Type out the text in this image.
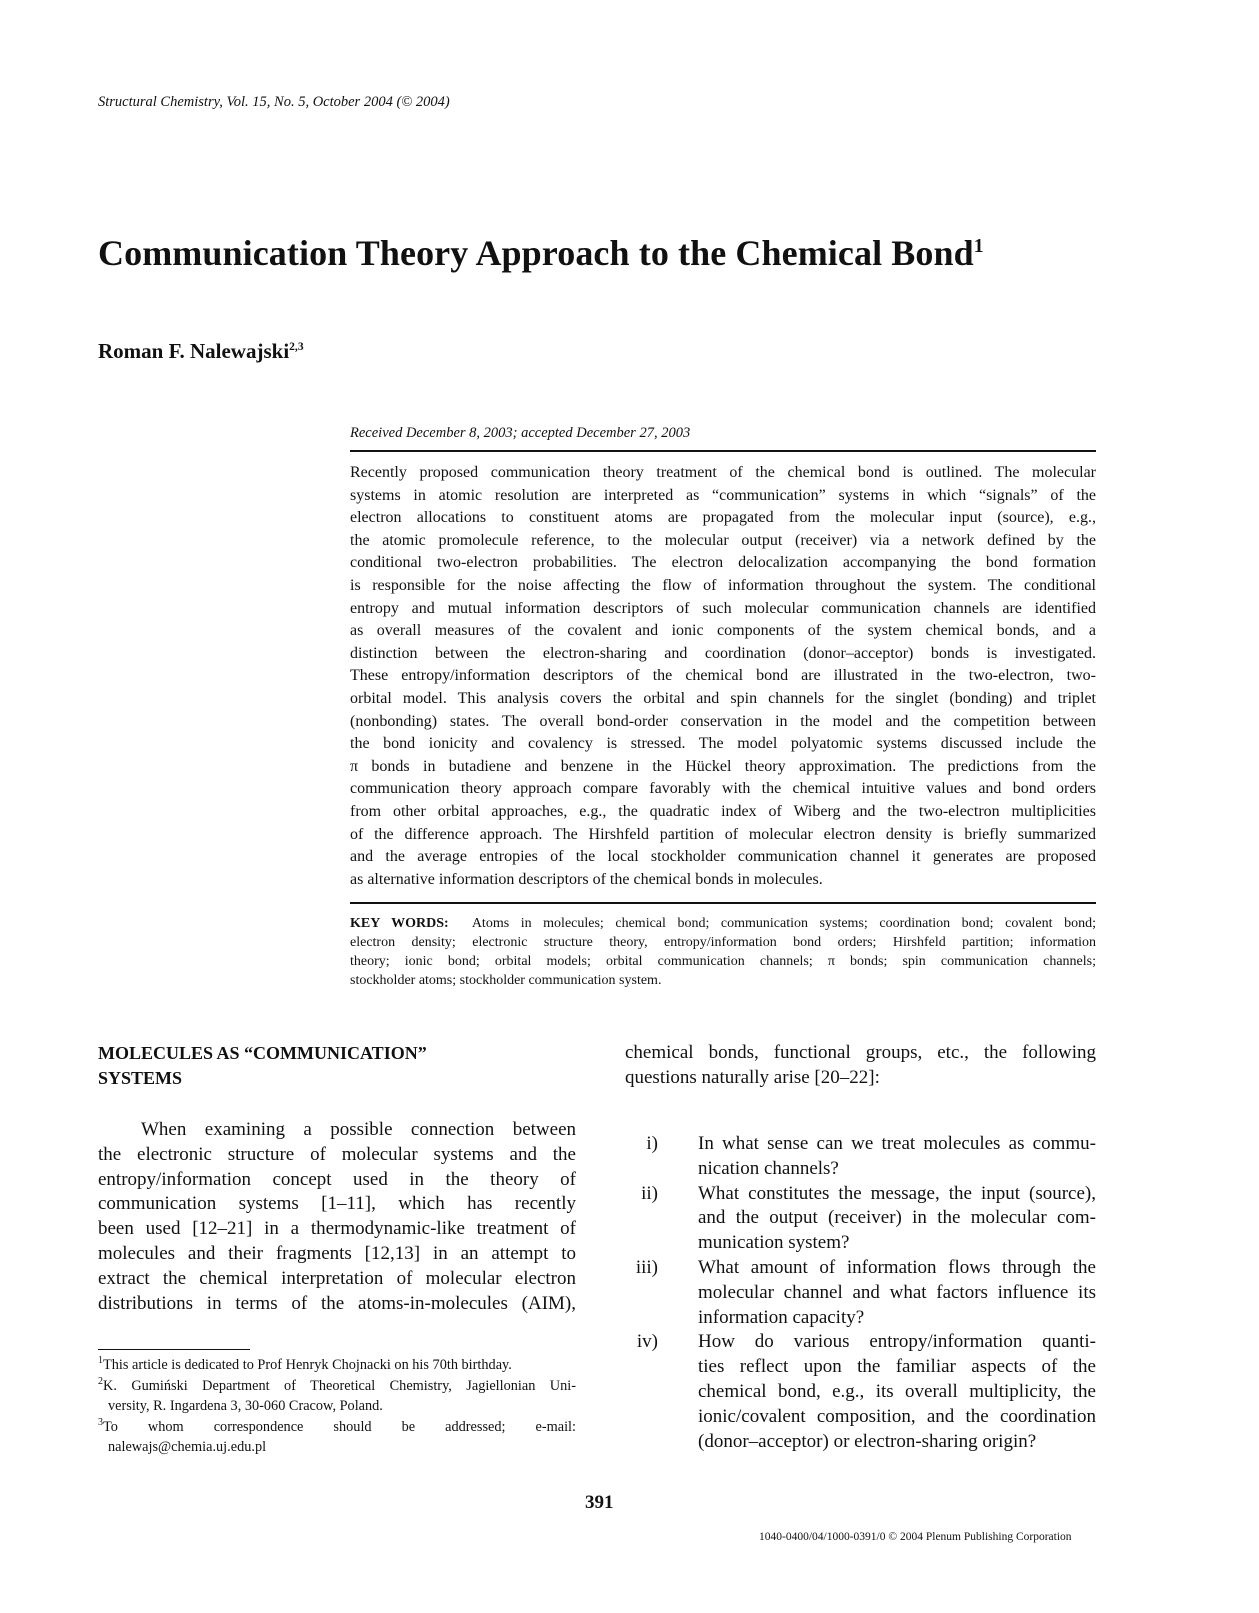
Structural Chemistry, Vol. 15, No. 5, October 2004 (© 2004)
Communication Theory Approach to the Chemical Bond$^1$
Roman F. Nalewajski$^{2,3}$
Received December 8, 2003; accepted December 27, 2003
Recently proposed communication theory treatment of the chemical bond is outlined. The molecular
systems in atomic resolution are interpreted as “communication” systems in which “signals” of the
electron allocations to constituent atoms are propagated from the molecular input (source), e.g.,
the atomic promolecule reference, to the molecular output (receiver) via a network defined by the
conditional two-electron probabilities. The electron delocalization accompanying the bond formation
is responsible for the noise affecting the flow of information throughout the system. The conditional
entropy and mutual information descriptors of such molecular communication channels are identified
as overall measures of the covalent and ionic components of the system chemical bonds, and a
distinction between the electron-sharing and coordination (donor–acceptor) bonds is investigated.
These entropy/information descriptors of the chemical bond are illustrated in the two-electron, two-
orbital model. This analysis covers the orbital and spin channels for the singlet (bonding) and triplet
(nonbonding) states. The overall bond-order conservation in the model and the competition between
the bond ionicity and covalency is stressed. The model polyatomic systems discussed include the
π bonds in butadiene and benzene in the Hückel theory approximation. The predictions from the
communication theory approach compare favorably with the chemical intuitive values and bond orders
from other orbital approaches, e.g., the quadratic index of Wiberg and the two-electron multiplicities
of the difference approach. The Hirshfeld partition of molecular electron density is briefly summarized
and the average entropies of the local stockholder communication channel it generates are proposed
as alternative information descriptors of the chemical bonds in molecules.
KEY WORDS: Atoms in molecules; chemical bond; communication systems; coordination bond; covalent bond;
electron density; electronic structure theory, entropy/information bond orders; Hirshfeld partition; information
theory; ionic bond; orbital models; orbital communication channels; π bonds; spin communication channels;
stockholder atoms; stockholder communication system.
MOLECULES AS “COMMUNICATION”
SYSTEMS
When examining a possible connection between
the electronic structure of molecular systems and the
entropy/information concept used in the theory of
communication systems [1–11], which has recently
been used [12–21] in a thermodynamic-like treatment of
molecules and their fragments [12,13] in an attempt to
extract the chemical interpretation of molecular electron
distributions in terms of the atoms-in-molecules (AIM),
$^1$This article is dedicated to Prof Henryk Chojnacki on his 70th birthday.
$^2$K. Gumiński Department of Theoretical Chemistry, Jagiellonian Uni-
versity, R. Ingardena 3, 30-060 Cracow, Poland.
$^3$To whom correspondence should be addressed; e-mail:
nalewajs@chemia.uj.edu.pl
chemical bonds, functional groups, etc., the following
questions naturally arise [20–22]:
i)	In what sense can we treat molecules as commu-
nication channels?
ii)	What constitutes the message, the input (source),
and the output (receiver) in the molecular com-
munication system?
iii)	What amount of information flows through the
molecular channel and what factors influence its
information capacity?
iv)	How do various entropy/information quanti-
ties reflect upon the familiar aspects of the
chemical bond, e.g., its overall multiplicity, the
ionic/covalent composition, and the coordination
(donor–acceptor) or electron-sharing origin?
391
1040-0400/04/1000-0391/0 © 2004 Plenum Publishing Corporation
